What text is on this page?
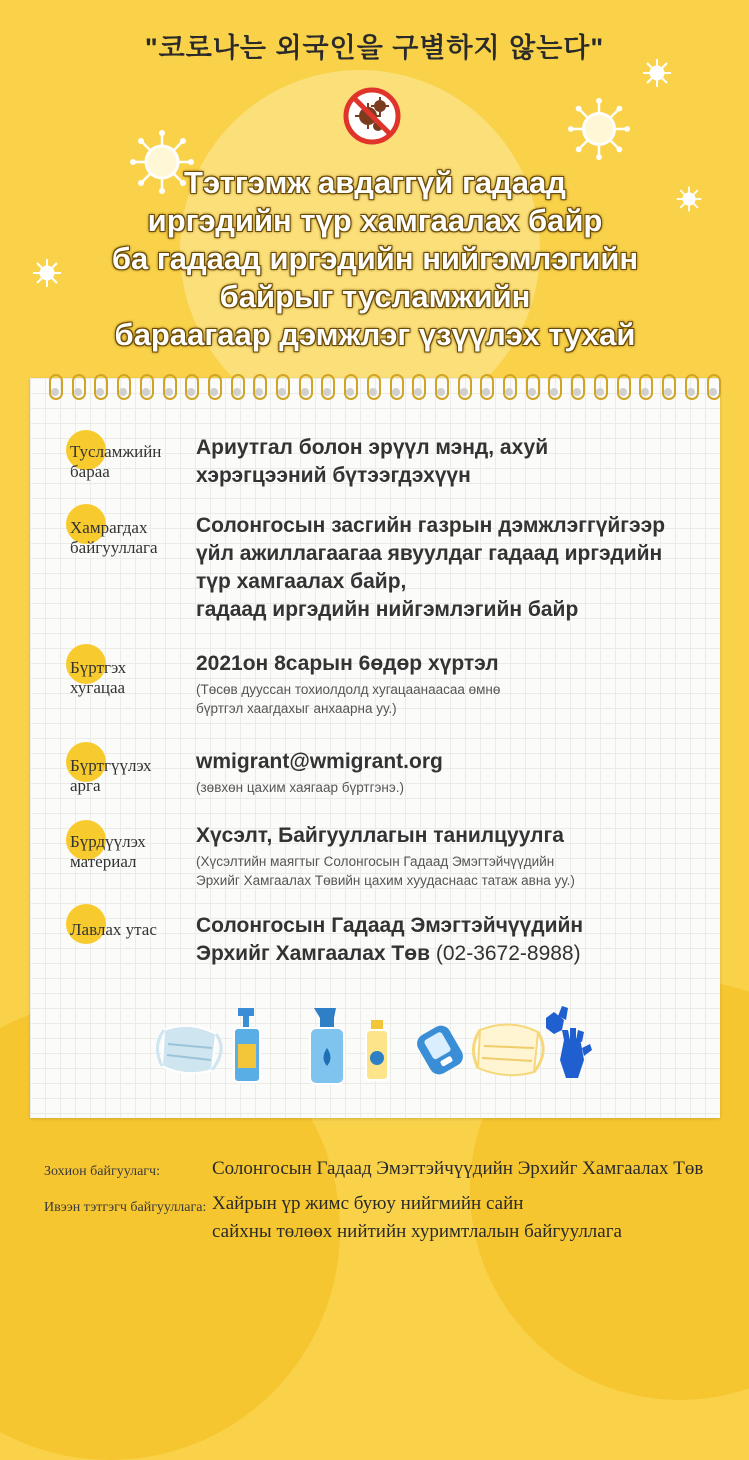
"코로나는 외국인을 구별하지 않는다"
Тэтгэмж авдаггүй гадаад
иргэдийн түр хамгаалах байр
ба гадаад иргэдийн нийгэмлэгийн
байрыг тусламжийн
бараагаар дэмжлэг үзүүлэх тухай
Тусламжийн
бараа
Ариутгал болон эрүүл мэнд, ахуй
хэрэгцээний бүтээгдэхүүн
Хамрагдах
байгууллага
Солонгосын засгийн газрын дэмжлэггүйгээр
үйл ажиллагаагаа явуулдаг гадаад иргэдийн
түр хамгаалах байр,
гадаад иргэдийн нийгэмлэгийн байр
Бүртгэх
хугацаа
2021он 8сарын 6өдөр хүртэл
(Төсөв дууссан тохиолдолд хугацаанаасаа өмнө
бүртгэл хаагдахыг анхаарна уу.)
Бүртгүүлэх
арга
wmigrant@wmigrant.org
(зөвхөн цахим хаягаар бүртгэнэ.)
Бүрдүүлэх
материал
Хүсэлт, Байгууллагын танилцуулга
(Хүсэлтийн маягтыг Солонгосын Гадаад Эмэгтэйчүүдийн
Эрхийг Хамгаалах Төвийн цахим хуудаснаас татаж авна уу.)
Лавлах утас Солонгосын Гадаад Эмэгтэйчүүдийн
Эрхийг Хамгаалах Төв (02-3672-8988)
Зохион байгуулагч:	Солонгосын Гадаад Эмэгтэйчүүдийн Эрхийг Хамгаалах Төв
Ивээн тэтгэгч байгууллага: Хайрын үр жимс буюу нийгмийн сайн
сайхны төлөөх нийтийн хуримтлалын байгууллага
